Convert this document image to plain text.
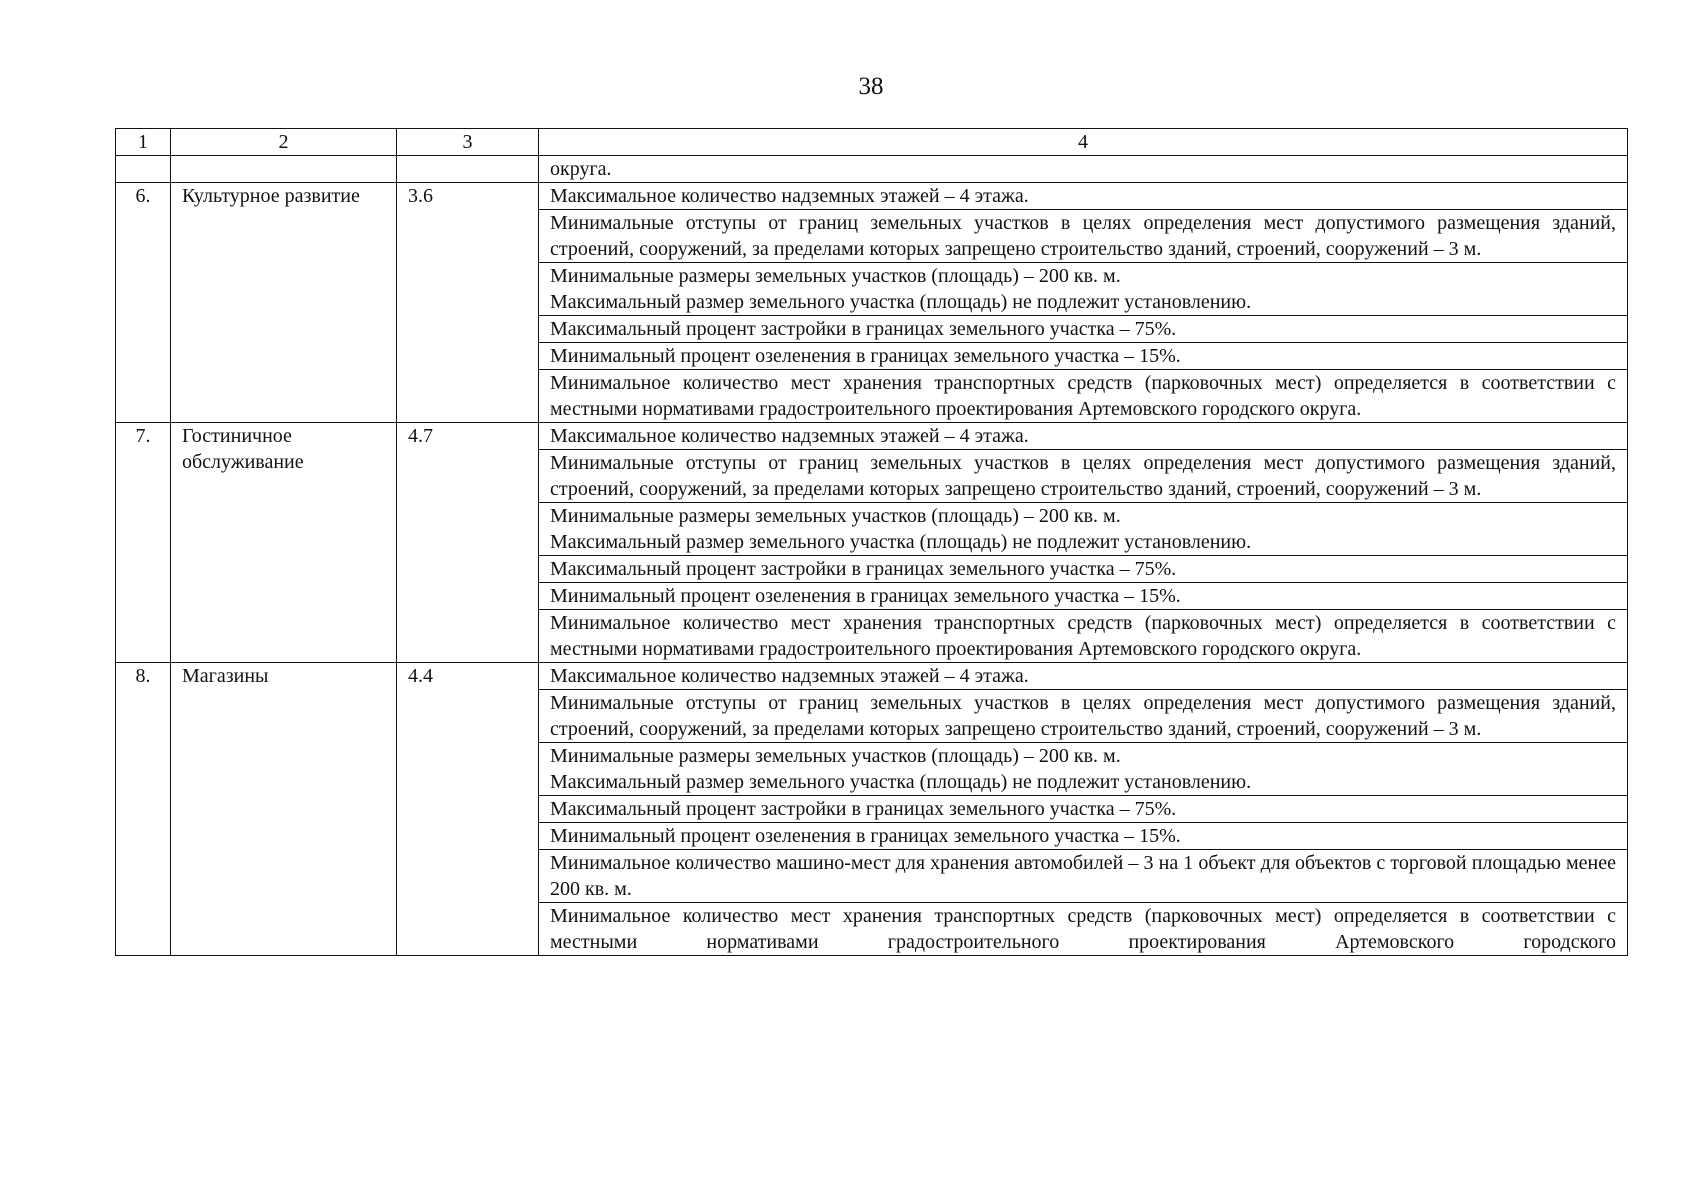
38
1	2	3	4
			округа.
6.	Культурное развитие	3.6	Максимальное количество надземных этажей – 4 этажа.
			Минимальные отступы от границ земельных участков в целях определения мест допустимого размещения зданий, строений, сооружений, за пределами которых запрещено строительство зданий, строений, сооружений – 3 м.

			Минимальные размеры земельных участков (площадь) – 200 кв. м.
Максимальный размер земельного участка (площадь) не подлежит установлению.

			Максимальный процент застройки в границах земельного участка – 75%.
			Минимальный процент озеленения в границах земельного участка – 15%.
			Минимальное количество мест хранения транспортных средств (парковочных мест) определяется в соответствии с местными нормативами градостроительного проектирования Артемовского городского округа.
7.	Гостиничное обслуживание	4.7	Максимальное количество надземных этажей – 4 этажа.
			Минимальные отступы от границ земельных участков в целях определения мест допустимого размещения зданий, строений, сооружений, за пределами которых запрещено строительство зданий, строений, сооружений – 3 м.

			Минимальные размеры земельных участков (площадь) – 200 кв. м.
Максимальный размер земельного участка (площадь) не подлежит установлению.

			Максимальный процент застройки в границах земельного участка – 75%.
			Минимальный процент озеленения в границах земельного участка – 15%.
			Минимальное количество мест хранения транспортных средств (парковочных мест) определяется в соответствии с местными нормативами градостроительного проектирования Артемовского городского округа.
8.	Магазины	4.4	Максимальное количество надземных этажей – 4 этажа.
			Минимальные отступы от границ земельных участков в целях определения мест допустимого размещения зданий, строений, сооружений, за пределами которых запрещено строительство зданий, строений, сооружений – 3 м.

			Минимальные размеры земельных участков (площадь) – 200 кв. м.
Максимальный размер земельного участка (площадь) не подлежит установлению.

			Максимальный процент застройки в границах земельного участка – 75%.
			Минимальный процент озеленения в границах земельного участка – 15%.
			Минимальное количество машино-мест для хранения автомобилей – 3 на 1 объект для объектов с торговой площадью менее 200 кв. м.
			Минимальное количество мест хранения транспортных средств (парковочных мест) определяется в соответствии с местными нормативами градостроительного проектирования Артемовского городского
